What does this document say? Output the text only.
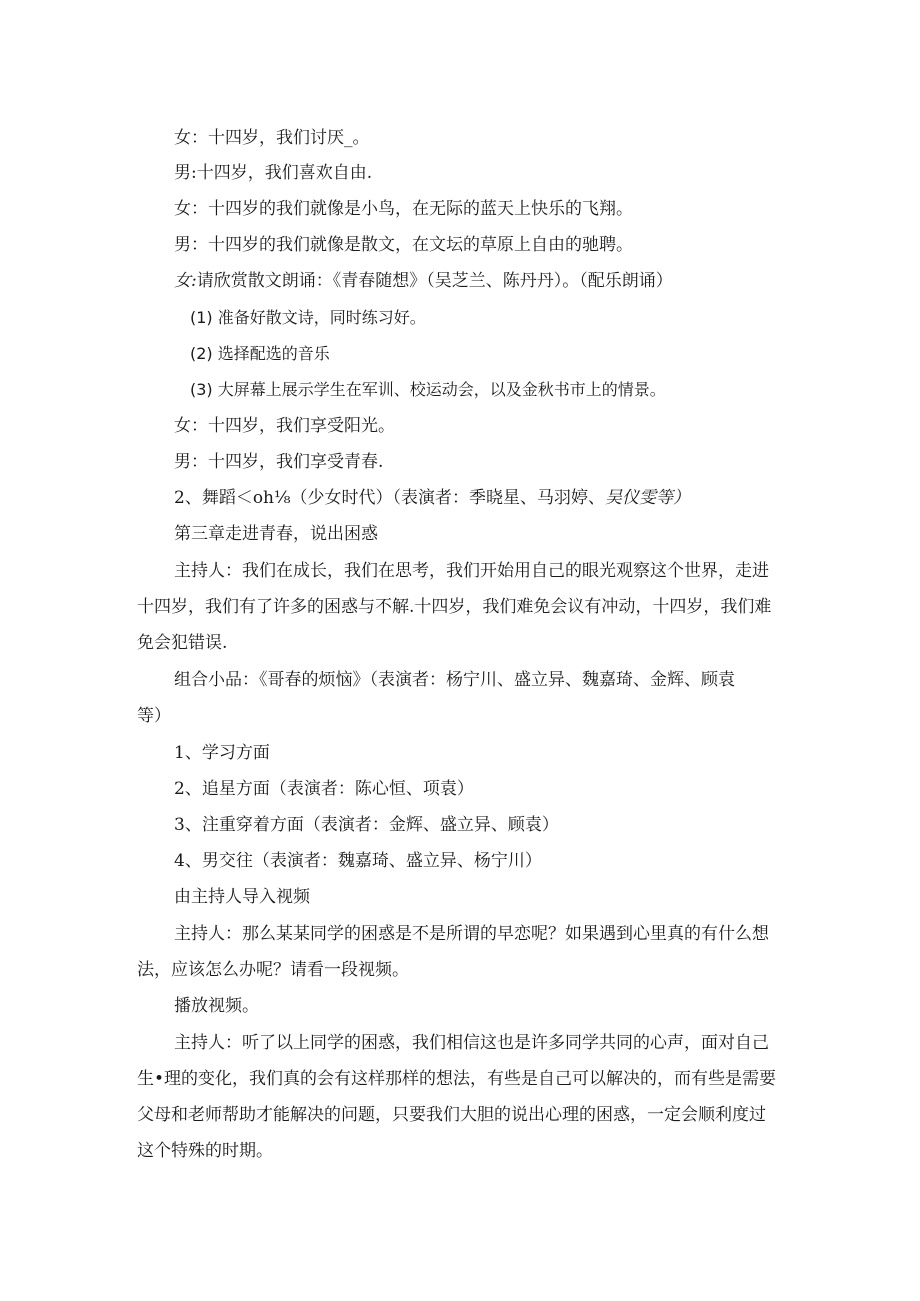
女：十四岁，我们讨厌_。
男:十四岁，我们喜欢自由.
女：十四岁的我们就像是小鸟，在无际的蓝天上快乐的飞翔。
男：十四岁的我们就像是散文，在文坛的草原上自由的驰聘。
女:请欣赏散文朗诵：《青春随想》（吴芝兰、陈丹丹）。（配乐朗诵）
(1) 准备好散文诗，同时练习好。
(2) 选择配选的音乐
(3) 大屏幕上展示学生在军训、校运动会，以及金秋书市上的情景。
女：十四岁，我们享受阳光。
男：十四岁，我们享受青春.
2、舞蹈＜oh⅛（少女时代）（表演者：季晓星、马羽婷、吴仪雯等）
第三章走进青春，说出困惑
主持人：我们在成长，我们在思考，我们开始用自己的眼光观察这个世界，走进
十四岁，我们有了许多的困惑与不解.十四岁，我们难免会议有冲动，十四岁，我们难
免会犯错误.
组合小品：《哥春的烦恼》（表演者：杨宁川、盛立异、魏嘉琦、金辉、顾袁
等）
1、学习方面
2、追星方面（表演者：陈心恒、项袁）
3、注重穿着方面（表演者：金辉、盛立异、顾袁）
4、男交往（表演者：魏嘉琦、盛立异、杨宁川）
由主持人导入视频
主持人：那么某某同学的困惑是不是所谓的早恋呢？如果遇到心里真的有什么想
法，应该怎么办呢？请看一段视频。
播放视频。
主持人：听了以上同学的困惑，我们相信这也是许多同学共同的心声，面对自己
生•理的变化，我们真的会有这样那样的想法，有些是自己可以解决的，而有些是需要
父母和老师帮助才能解决的问题，只要我们大胆的说出心理的困惑，一定会顺利度过
这个特殊的时期。
